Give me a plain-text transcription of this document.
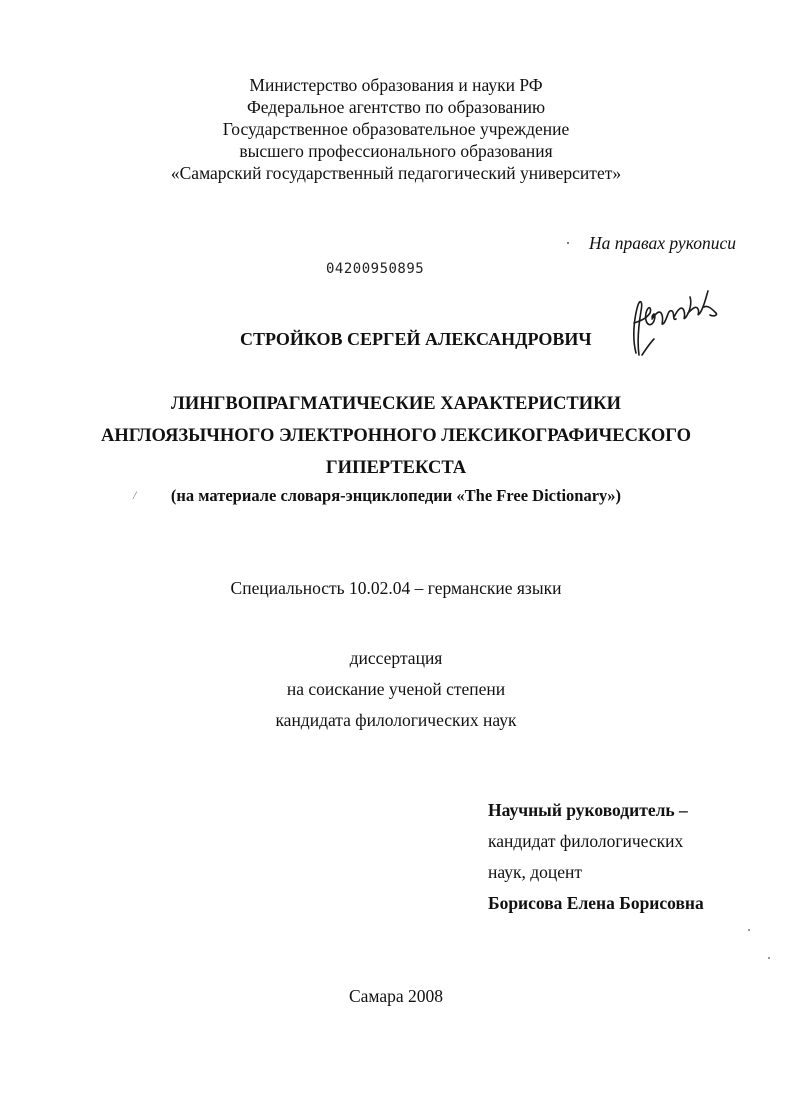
Министерство образования и науки РФ
Федеральное агентство по образованию
Государственное образовательное учреждение
высшего профессионального образования
«Самарский государственный педагогический университет»
На правах рукописи
04200950895
СТРОЙКОВ СЕРГЕЙ АЛЕКСАНДРОВИЧ
ЛИНГВОПРАГМАТИЧЕСКИЕ ХАРАКТЕРИСТИКИ
АНГЛОЯЗЫЧНОГО ЭЛЕКТРОННОГО ЛЕКСИКОГРАФИЧЕСКОГО
ГИПЕРТЕКСТА
/	(на материале словаря-энциклопедии «The Free Dictionary»)
Специальность 10.02.04 – германские языки
диссертация
на соискание ученой степени
кандидата филологических наук
Научный руководитель –
кандидат филологических
наук, доцент
Борисова Елена Борисовна
Самара 2008
